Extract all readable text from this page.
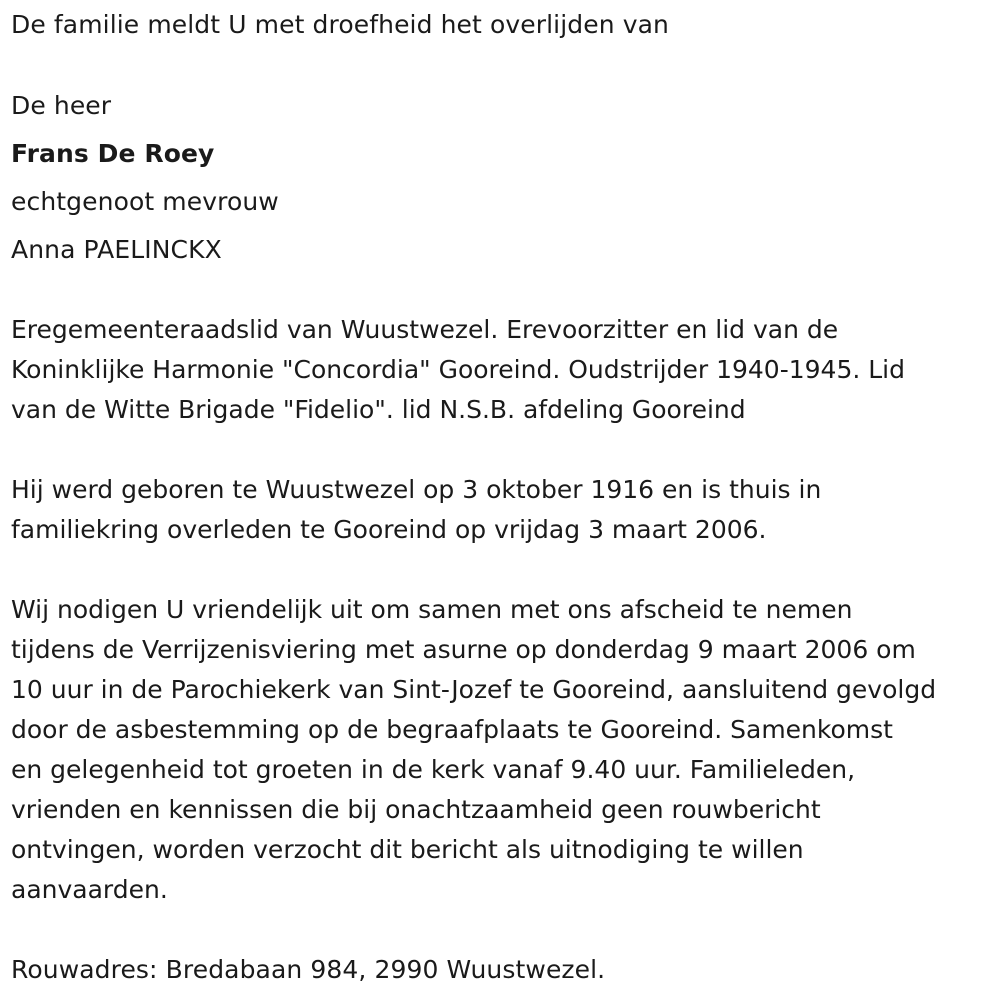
De familie meldt U met droefheid het overlijden van
De heer
Frans De Roey
echtgenoot mevrouw
Anna PAELINCKX
Eregemeenteraadslid van Wuustwezel. Erevoorzitter en lid van de
Koninklijke Harmonie "Concordia" Gooreind. Oudstrijder 1940-1945. Lid
van de Witte Brigade "Fidelio". lid N.S.B. afdeling Gooreind
Hij werd geboren te Wuustwezel op 3 oktober 1916 en is thuis in
familiekring overleden te Gooreind op vrijdag 3 maart 2006.
Wij nodigen U vriendelijk uit om samen met ons afscheid te nemen
tijdens de Verrijzenisviering met asurne op donderdag 9 maart 2006 om
10 uur in de Parochiekerk van Sint-Jozef te Gooreind, aansluitend gevolgd
door de asbestemming op de begraafplaats te Gooreind. Samenkomst
en gelegenheid tot groeten in de kerk vanaf 9.40 uur. Familieleden,
vrienden en kennissen die bij onachtzaamheid geen rouwbericht
ontvingen, worden verzocht dit bericht als uitnodiging te willen
aanvaarden.
Rouwadres: Bredabaan 984, 2990 Wuustwezel.
